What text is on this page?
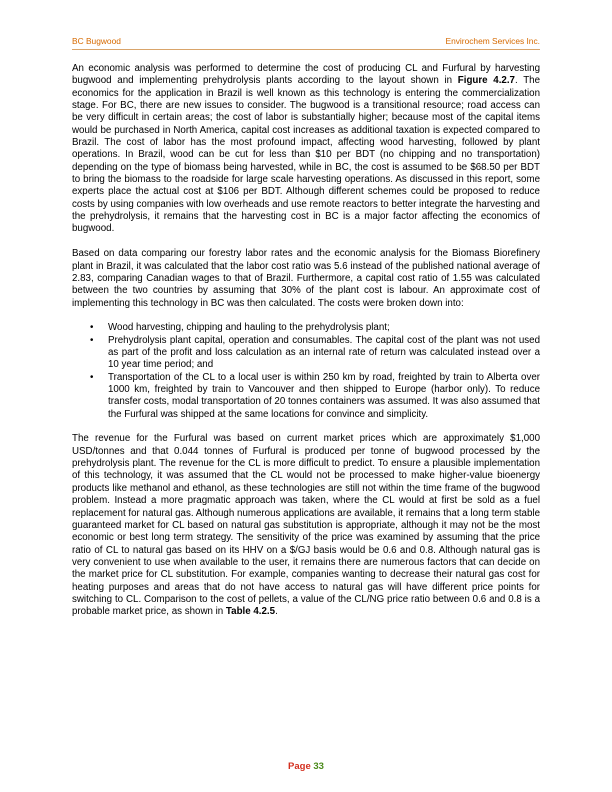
BC Bugwood	Envirochem Services Inc.

An economic analysis was performed to determine the cost of producing CL and Furfural by harvesting bugwood and implementing prehydrolysis plants according to the layout shown in Figure 4.2.7. The economics for the application in Brazil is well known as this technology is entering the commercialization stage. For BC, there are new issues to consider. The bugwood is a transitional resource; road access can be very difficult in certain areas; the cost of labor is substantially higher; because most of the capital items would be purchased in North America, capital cost increases as additional taxation is expected compared to Brazil. The cost of labor has the most profound impact, affecting wood harvesting, followed by plant operations. In Brazil, wood can be cut for less than $10 per BDT (no chipping and no transportation) depending on the type of biomass being harvested, while in BC, the cost is assumed to be $68.50 per BDT to bring the biomass to the roadside for large scale harvesting operations. As discussed in this report, some experts place the actual cost at $106 per BDT. Although different schemes could be proposed to reduce costs by using companies with low overheads and use remote reactors to better integrate the harvesting and the prehydrolysis, it remains that the harvesting cost in BC is a major factor affecting the economics of bugwood.

Based on data comparing our forestry labor rates and the economic analysis for the Biomass Biorefinery plant in Brazil, it was calculated that the labor cost ratio was 5.6 instead of the published national average of 2.83, comparing Canadian wages to that of Brazil. Furthermore, a capital cost ratio of 1.55 was calculated between the two countries by assuming that 30% of the plant cost is labour. An approximate cost of implementing this technology in BC was then calculated. The costs were broken down into:

• Wood harvesting, chipping and hauling to the prehydrolysis plant;
• Prehydrolysis plant capital, operation and consumables. The capital cost of the plant was not used as part of the profit and loss calculation as an internal rate of return was calculated instead over a 10 year time period; and
• Transportation of the CL to a local user is within 250 km by road, freighted by train to Alberta over 1000 km, freighted by train to Vancouver and then shipped to Europe (harbor only). To reduce transfer costs, modal transportation of 20 tonnes containers was assumed. It was also assumed that the Furfural was shipped at the same locations for convince and simplicity.

The revenue for the Furfural was based on current market prices which are approximately $1,000 USD/tonnes and that 0.044 tonnes of Furfural is produced per tonne of bugwood processed by the prehydrolysis plant. The revenue for the CL is more difficult to predict. To ensure a plausible implementation of this technology, it was assumed that the CL would not be processed to make higher-value bioenergy products like methanol and ethanol, as these technologies are still not within the time frame of the bugwood problem. Instead a more pragmatic approach was taken, where the CL would at first be sold as a fuel replacement for natural gas. Although numerous applications are available, it remains that a long term stable guaranteed market for CL based on natural gas substitution is appropriate, although it may not be the most economic or best long term strategy. The sensitivity of the price was examined by assuming that the price ratio of CL to natural gas based on its HHV on a $/GJ basis would be 0.6 and 0.8. Although natural gas is very convenient to use when available to the user, it remains there are numerous factors that can decide on the market price for CL substitution. For example, companies wanting to decrease their natural gas cost for heating purposes and areas that do not have access to natural gas will have different price points for switching to CL. Comparison to the cost of pellets, a value of the CL/NG price ratio between 0.6 and 0.8 is a probable market price, as shown in Table 4.2.5.

Page 33
